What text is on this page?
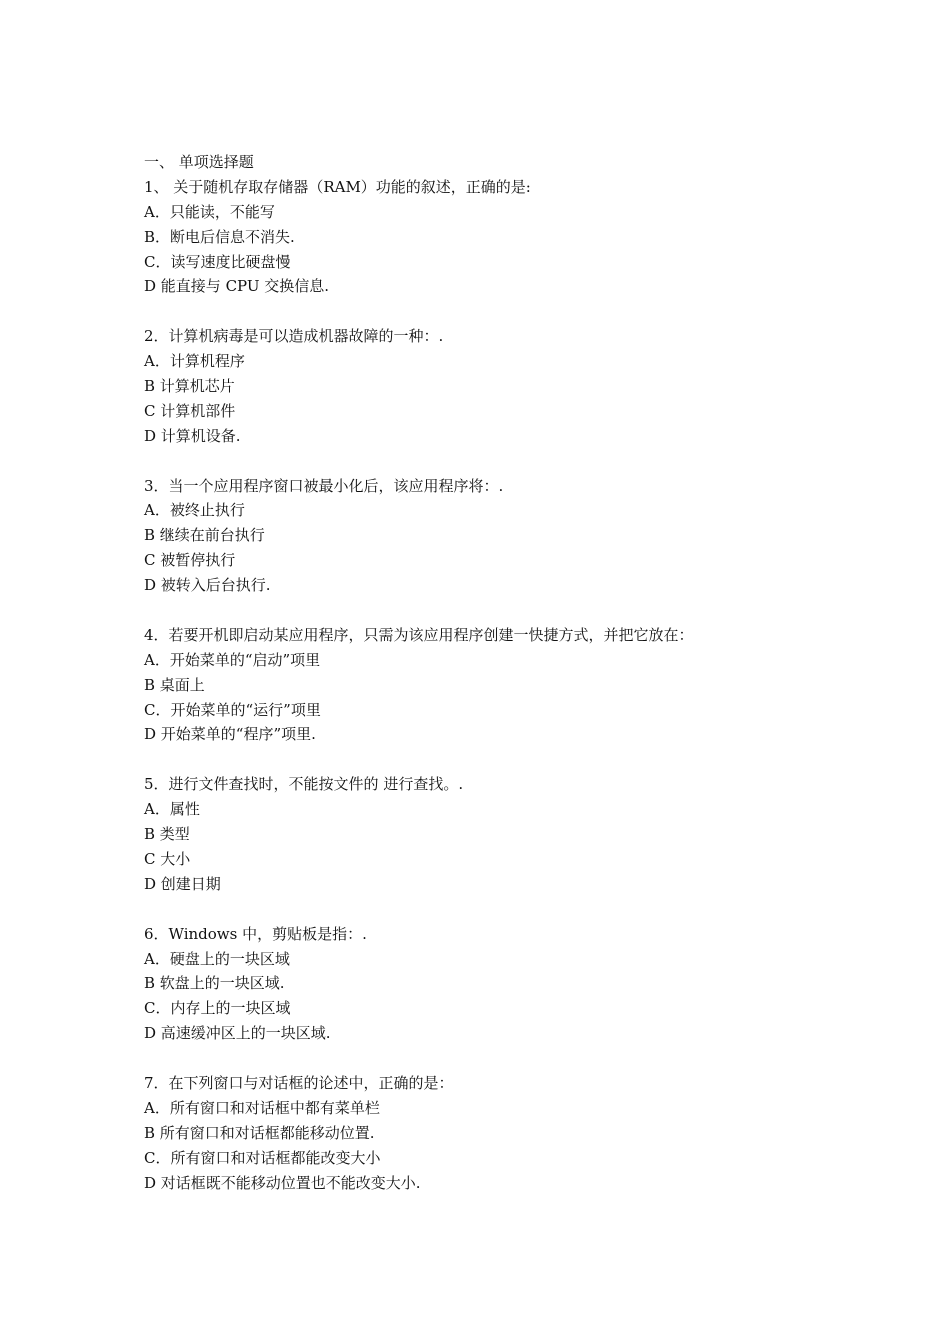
一、 单项选择题
1、 关于随机存取存储器（RAM）功能的叙述，正确的是:
A．只能读，不能写
B．断电后信息不消失.
C．读写速度比硬盘慢
D 能直接与 CPU 交换信息.
2．计算机病毒是可以造成机器故障的一种：.
A．计算机程序
B 计算机芯片
C 计算机部件
D 计算机设备.
3．当一个应用程序窗口被最小化后，该应用程序将：.
A．被终止执行
B 继续在前台执行
C 被暂停执行
D 被转入后台执行.
4．若要开机即启动某应用程序，只需为该应用程序创建一快捷方式，并把它放在：
A．开始菜单的“启动”项里
B 桌面上
C．开始菜单的“运行”项里
D 开始菜单的“程序”项里.
5．进行文件查找时，不能按文件的 进行查找。.
A．属性
B 类型
C 大小
D 创建日期
6．Windows 中，剪贴板是指：.
A．硬盘上的一块区域
B 软盘上的一块区域.
C．内存上的一块区域
D 高速缓冲区上的一块区域.
7．在下列窗口与对话框的论述中，正确的是：
A．所有窗口和对话框中都有菜单栏
B 所有窗口和对话框都能移动位置.
C．所有窗口和对话框都能改变大小
D 对话框既不能移动位置也不能改变大小.
